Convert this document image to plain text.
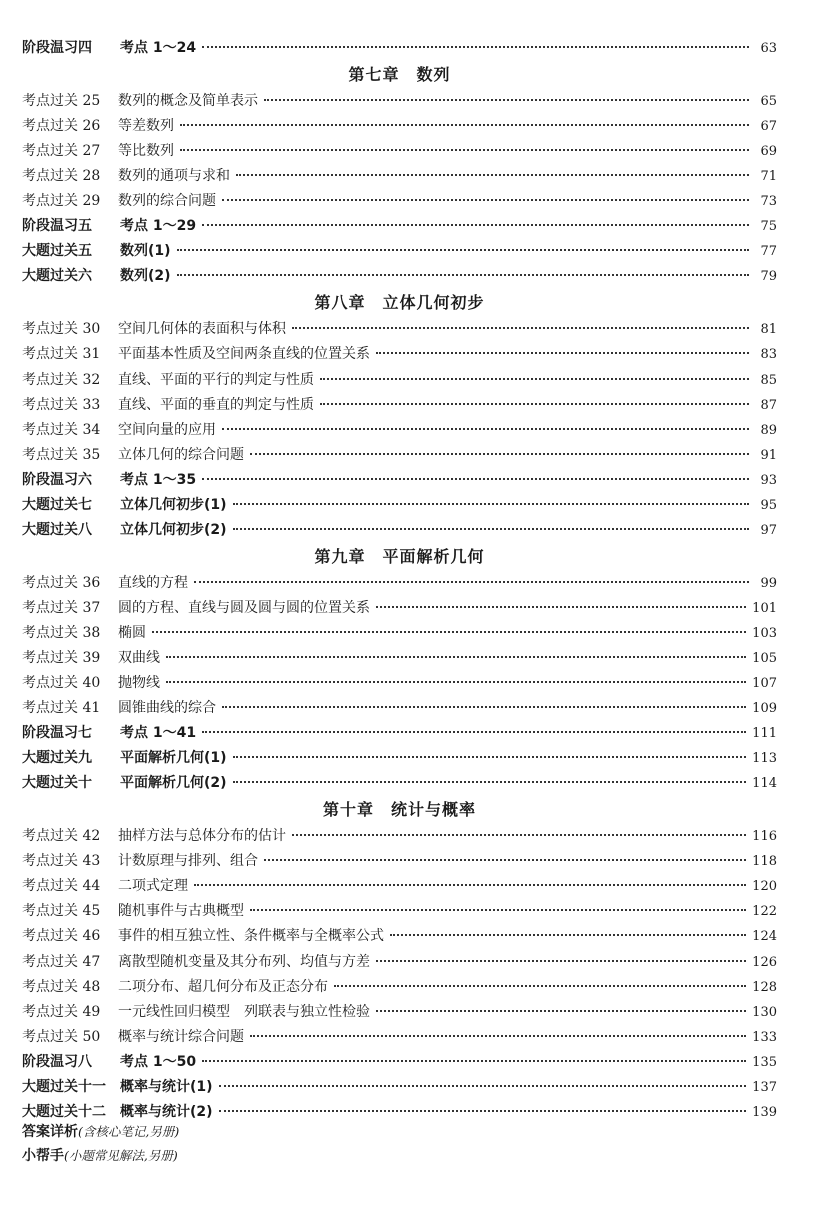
阶段温习四	考点 1～24	63
第七章　数列
考点过关 25	数列的概念及简单表示	65
考点过关 26	等差数列	67
考点过关 27	等比数列	69
考点过关 28	数列的通项与求和	71
考点过关 29	数列的综合问题	73
阶段温习五	考点 1～29	75
大题过关五	数列(1)	77
大题过关六	数列(2)	79
第八章　立体几何初步
考点过关 30	空间几何体的表面积与体积	81
考点过关 31	平面基本性质及空间两条直线的位置关系	83
考点过关 32	直线、平面的平行的判定与性质	85
考点过关 33	直线、平面的垂直的判定与性质	87
考点过关 34	空间向量的应用	89
考点过关 35	立体几何的综合问题	91
阶段温习六	考点 1～35	93
大题过关七	立体几何初步(1)	95
大题过关八	立体几何初步(2)	97
第九章　平面解析几何
考点过关 36	直线的方程	99
考点过关 37	圆的方程、直线与圆及圆与圆的位置关系	101
考点过关 38	椭圆	103
考点过关 39	双曲线	105
考点过关 40	抛物线	107
考点过关 41	圆锥曲线的综合	109
阶段温习七	考点 1～41	111
大题过关九	平面解析几何(1)	113
大题过关十	平面解析几何(2)	114
第十章　统计与概率
考点过关 42	抽样方法与总体分布的估计	116
考点过关 43	计数原理与排列、组合	118
考点过关 44	二项式定理	120
考点过关 45	随机事件与古典概型	122
考点过关 46	事件的相互独立性、条件概率与全概率公式	124
考点过关 47	离散型随机变量及其分布列、均值与方差	126
考点过关 48	二项分布、超几何分布及正态分布	128
考点过关 49	一元线性回归模型　列联表与独立性检验	130
考点过关 50	概率与统计综合问题	133
阶段温习八	考点 1～50	135
大题过关十一	概率与统计(1)	137
大题过关十二	概率与统计(2)	139
答案详析(含核心笔记,另册)
小帮手(小题常见解法,另册)
